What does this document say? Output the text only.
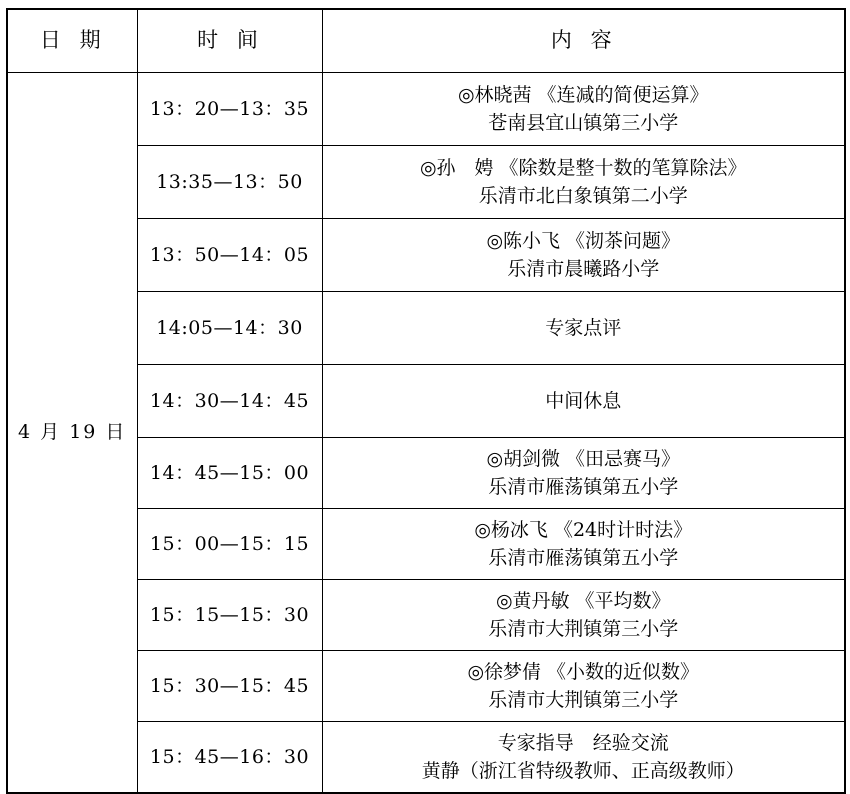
日 期	时 间	内 容
4 月 19 日	13：20—13：35	◎林晓茜 《连减的简便运算》
苍南县宜山镇第三小学

	13:35—13：50	◎孙　娉 《除数是整十数的笔算除法》
乐清市北白象镇第二小学

	13：50—14：05	◎陈小飞 《沏茶问题》
乐清市晨曦路小学

	14:05—14：30	专家点评

	14：30—14：45	中间休息

	14：45—15：00	◎胡剑微 《田忌赛马》
乐清市雁荡镇第五小学

	15：00—15：15	◎杨冰飞 《24时计时法》
乐清市雁荡镇第五小学

	15：15—15：30	◎黄丹敏 《平均数》
乐清市大荆镇第三小学

	15：30—15：45	◎徐梦倩 《小数的近似数》
乐清市大荆镇第三小学

	15：45—16：30	专家指导　经验交流
黄静（浙江省特级教师、正高级教师）
